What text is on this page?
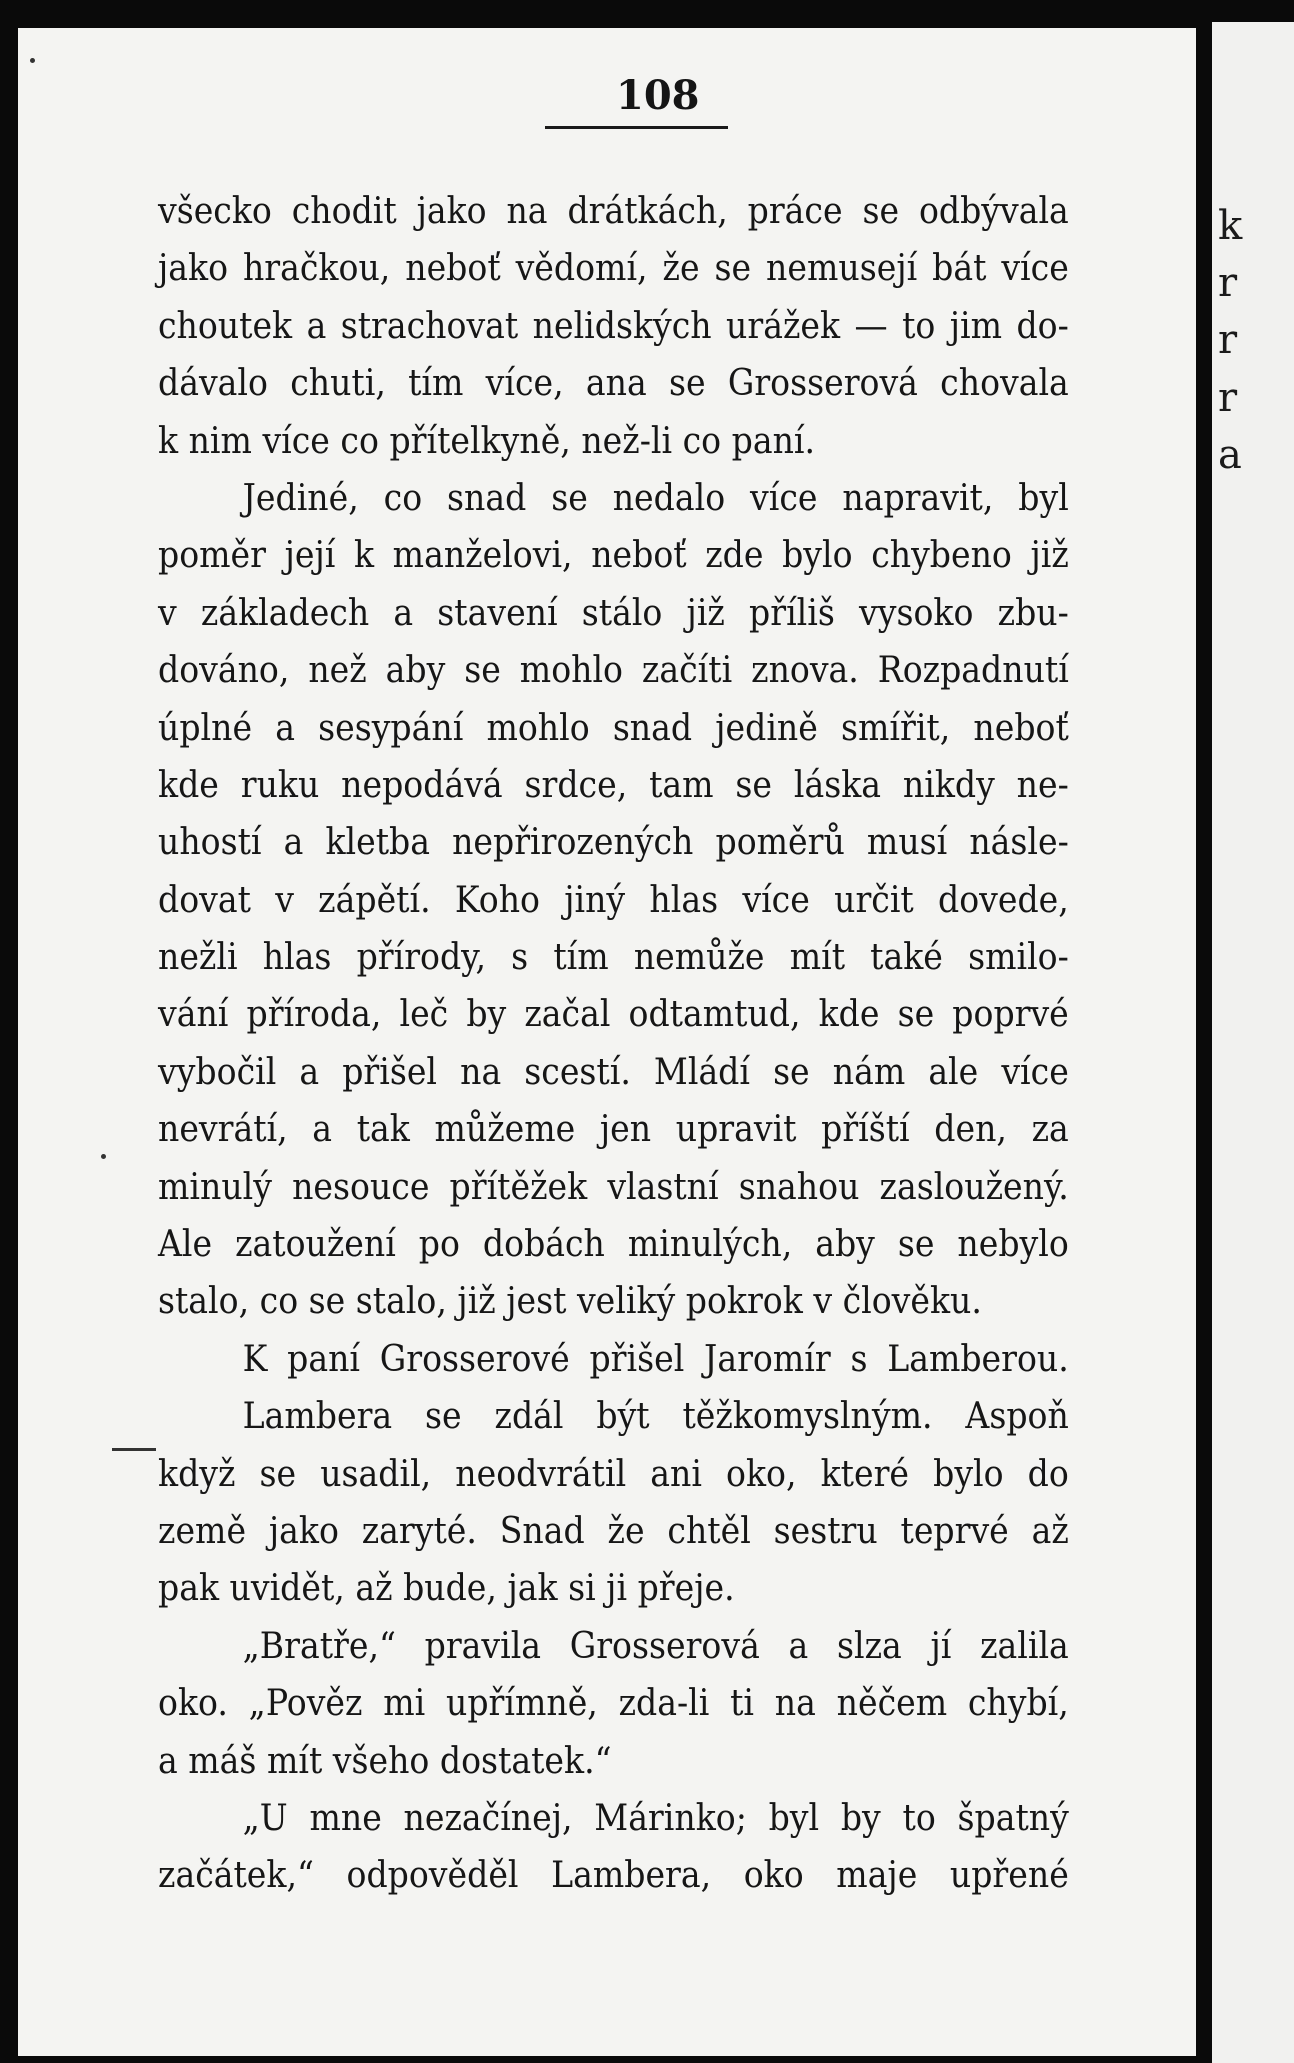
k
r
r
r
a
108

všecko chodit jako na drátkách, práce se odbývala

jako hračkou, neboť vědomí, že se nemusejí bát více

choutek a strachovat nelidských urážek — to jim do-

dávalo chuti, tím více, ana se Grosserová chovala

k nim více co přítelkyně, než-li co paní.

Jediné, co snad se nedalo více napravit, byl

poměr její k manželovi, neboť zde bylo chybeno již

v základech a stavení stálo již příliš vysoko zbu-

dováno, než aby se mohlo začíti znova. Rozpadnutí

úplné a sesypání mohlo snad jedině smířit, neboť

kde ruku nepodává srdce, tam se láska nikdy ne-

uhostí a kletba nepřirozených poměrů musí násle-

dovat v zápětí. Koho jiný hlas více určit dovede,

nežli hlas přírody, s tím nemůže mít také smilo-

vání příroda, leč by začal odtamtud, kde se poprvé

vybočil a přišel na scestí. Mládí se nám ale více

nevrátí, a tak můžeme jen upravit příští den, za

minulý nesouce přítěžek vlastní snahou zasloužený.

Ale zatoužení po dobách minulých, aby se nebylo

stalo, co se stalo, již jest veliký pokrok v člověku.

K paní Grosserové přišel Jaromír s Lamberou.

Lambera se zdál být těžkomyslným. Aspoň

když se usadil, neodvrátil ani oko, které bylo do

země jako zaryté. Snad že chtěl sestru teprvé až

pak uvidět, až bude, jak si ji přeje.

„Bratře,“ pravila Grosserová a slza jí zalila

oko. „Pověz mi upřímně, zda-li ti na něčem chybí,

a máš mít všeho dostatek.“

„U mne nezačínej, Márinko; byl by to špatný

začátek,“ odpověděl Lambera, oko maje upřené
